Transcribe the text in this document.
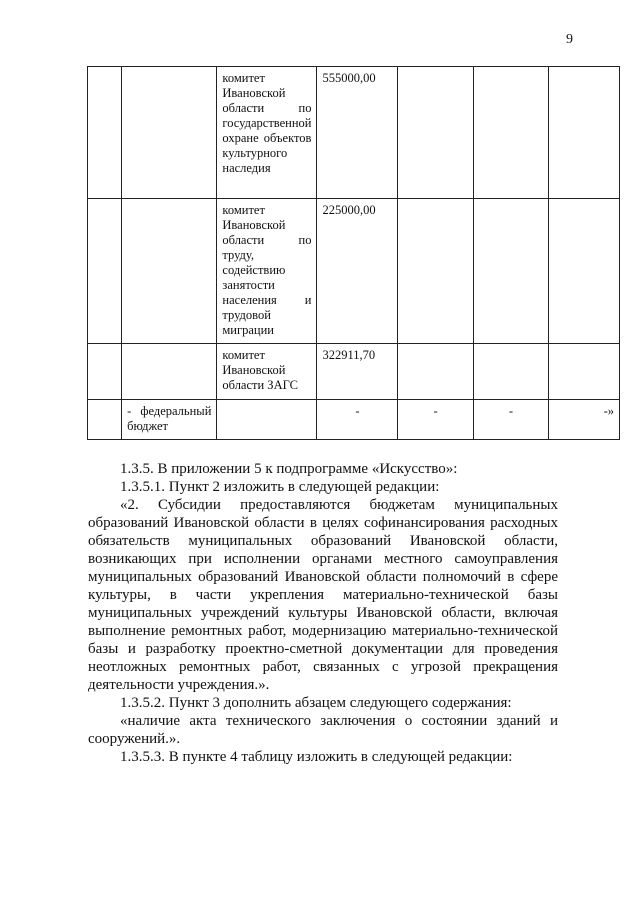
9
		комитет Ивановской области по государственной охране объектов культурного наследия	555000,00			
		комитет Ивановской области по труду, содействию занятости населения и трудовой миграции	225000,00			
		комитет Ивановской области ЗАГС	322911,70			
	- федеральный бюджет		-	-	-	-»

1.3.5. В приложении 5 к подпрограмме «Искусство»:

1.3.5.1. Пункт 2 изложить в следующей редакции:

«2. Субсидии предоставляются бюджетам муниципальных образований Ивановской области в целях софинансирования расходных обязательств муниципальных образований Ивановской области, возникающих при исполнении органами местного самоуправления муниципальных образований Ивановской области полномочий в сфере культуры, в части укрепления материально-технической базы муниципальных учреждений культуры Ивановской области, включая выполнение ремонтных работ, модернизацию материально-технической базы и разработку проектно-сметной документации для проведения неотложных ремонтных работ, связанных с угрозой прекращения деятельности учреждения.».

1.3.5.2. Пункт 3 дополнить абзацем следующего содержания:

«наличие акта технического заключения о состоянии зданий и сооружений.».

1.3.5.3. В пункте 4 таблицу изложить в следующей редакции:
